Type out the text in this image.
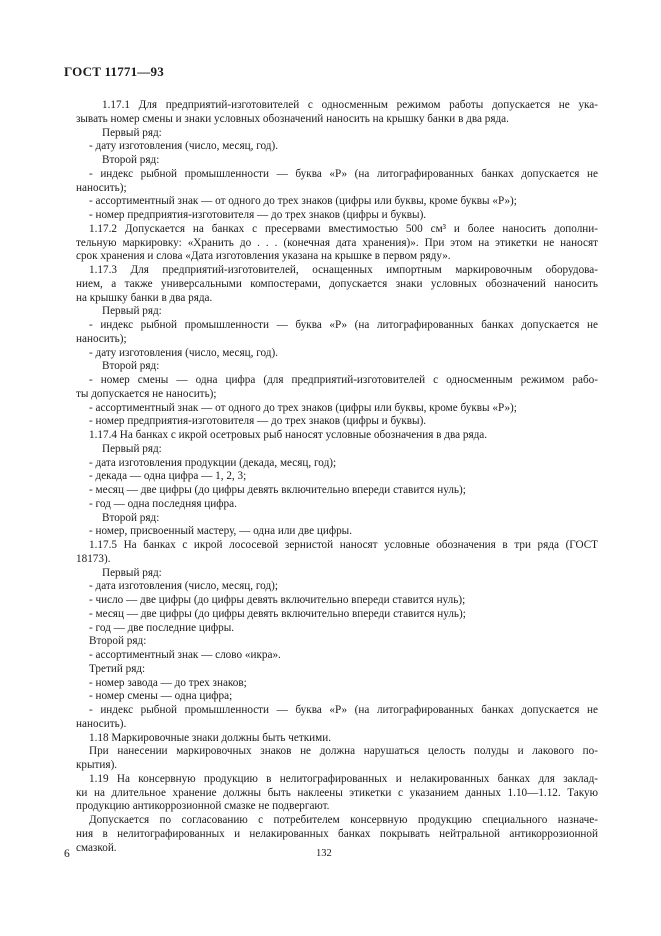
ГОСТ 11771—93
1.17.1 Для предприятий-изготовителей с односменным режимом работы допускается не ука-
зывать номер смены и знаки условных обозначений наносить на крышку банки в два ряда.
Первый ряд:
- дату изготовления (число, месяц, год).
Второй ряд:
- индекс рыбной промышленности — буква «Р» (на литографированных банках допускается не
наносить);
- ассортиментный знак — от одного до трех знаков (цифры или буквы, кроме буквы «Р»);
- номер предприятия-изготовителя — до трех знаков (цифры и буквы).
1.17.2 Допускается на банках с пресервами вместимостью 500 см³ и более наносить дополни-
тельную маркировку: «Хранить до . . . (конечная дата хранения)». При этом на этикетки не наносят
срок хранения и слова «Дата изготовления указана на крышке в первом ряду».
1.17.3 Для предприятий-изготовителей, оснащенных импортным маркировочным оборудова-
нием, а также универсальными компостерами, допускается знаки условных обозначений наносить
на крышку банки в два ряда.
Первый ряд:
- индекс рыбной промышленности — буква «Р» (на литографированных банках допускается не
наносить);
- дату изготовления (число, месяц, год).
Второй ряд:
- номер смены — одна цифра (для предприятий-изготовителей с односменным режимом рабо-
ты допускается не наносить);
- ассортиментный знак — от одного до трех знаков (цифры или буквы, кроме буквы «Р»);
- номер предприятия-изготовителя — до трех знаков (цифры и буквы).
1.17.4 На банках с икрой осетровых рыб наносят условные обозначения в два ряда.
Первый ряд:
- дата изготовления продукции (декада, месяц, год);
- декада — одна цифра — 1, 2, 3;
- месяц — две цифры (до цифры девять включительно впереди ставится нуль);
- год — одна последняя цифра.
Второй ряд:
- номер, присвоенный мастеру, — одна или две цифры.
1.17.5 На банках с икрой лососевой зернистой наносят условные обозначения в три ряда (ГОСТ
18173).
Первый ряд:
- дата изготовления (число, месяц, год);
- число — две цифры (до цифры девять включительно впереди ставится нуль);
- месяц — две цифры (до цифры девять включительно впереди ставится нуль);
- год — две последние цифры.
Второй ряд:
- ассортиментный знак — слово «икра».
Третий ряд:
- номер завода — до трех знаков;
- номер смены — одна цифра;
- индекс рыбной промышленности — буква «Р» (на литографированных банках допускается не
наносить).
1.18 Маркировочные знаки должны быть четкими.
При нанесении маркировочных знаков не должна нарушаться целость полуды и лакового по-
крытия).
1.19 На консервную продукцию в нелитографированных и нелакированных банках для заклад-
ки на длительное хранение должны быть наклеены этикетки с указанием данных 1.10—1.12. Такую
продукцию антикоррозионной смазке не подвергают.
Допускается по согласованию с потребителем консервную продукцию специального назначе-
ния в нелитографированных и нелакированных банках покрывать нейтральной антикоррозионной
смазкой.
6	132
